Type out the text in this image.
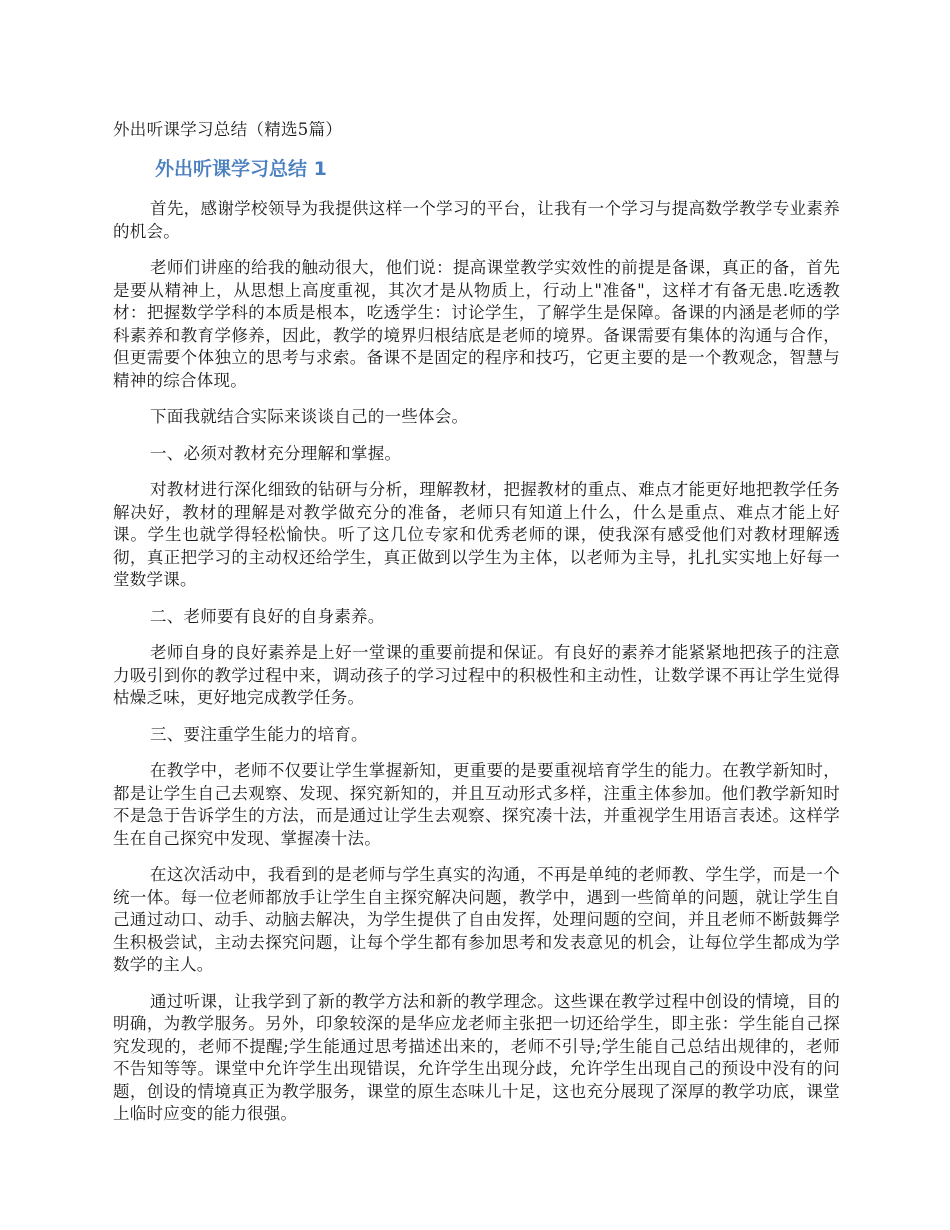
外出听课学习总结（精选5篇）
外出听课学习总结 1

首先，感谢学校领导为我提供这样一个学习的平台，让我有一个学习与提高数学教学专业素养的机会。

老师们讲座的给我的触动很大，他们说：提高课堂教学实效性的前提是备课，真正的备，首先是要从精神上，从思想上高度重视，其次才是从物质上，行动上"准备"，这样才有备无患.吃透教材：把握数学学科的本质是根本，吃透学生：讨论学生，了解学生是保障。备课的内涵是老师的学科素养和教育学修养，因此，教学的境界归根结底是老师的境界。备课需要有集体的沟通与合作，但更需要个体独立的思考与求索。备课不是固定的程序和技巧，它更主要的是一个教观念，智慧与精神的综合体现。

下面我就结合实际来谈谈自己的一些体会。

一、必须对教材充分理解和掌握。

对教材进行深化细致的钻研与分析，理解教材，把握教材的重点、难点才能更好地把教学任务解决好，教材的理解是对教学做充分的准备，老师只有知道上什么，什么是重点、难点才能上好课。学生也就学得轻松愉快。听了这几位专家和优秀老师的课，使我深有感受他们对教材理解透彻，真正把学习的主动权还给学生，真正做到以学生为主体，以老师为主导，扎扎实实地上好每一堂数学课。

二、老师要有良好的自身素养。

老师自身的良好素养是上好一堂课的重要前提和保证。有良好的素养才能紧紧地把孩子的注意力吸引到你的教学过程中来，调动孩子的学习过程中的积极性和主动性，让数学课不再让学生觉得枯燥乏味，更好地完成教学任务。

三、要注重学生能力的培育。

在教学中，老师不仅要让学生掌握新知，更重要的是要重视培育学生的能力。在教学新知时，都是让学生自己去观察、发现、探究新知的，并且互动形式多样，注重主体参加。他们教学新知时不是急于告诉学生的方法，而是通过让学生去观察、探究凑十法，并重视学生用语言表述。这样学生在自己探究中发现、掌握凑十法。

在这次活动中，我看到的是老师与学生真实的沟通，不再是单纯的老师教、学生学，而是一个统一体。每一位老师都放手让学生自主探究解决问题，教学中，遇到一些简单的问题，就让学生自己通过动口、动手、动脑去解决，为学生提供了自由发挥，处理问题的空间，并且老师不断鼓舞学生积极尝试，主动去探究问题，让每个学生都有参加思考和发表意见的机会，让每位学生都成为学数学的主人。

通过听课，让我学到了新的教学方法和新的教学理念。这些课在教学过程中创设的情境，目的明确，为教学服务。另外，印象较深的是华应龙老师主张把一切还给学生，即主张：学生能自己探究发现的，老师不提醒;学生能通过思考描述出来的，老师不引导;学生能自己总结出规律的，老师不告知等等。课堂中允许学生出现错误，允许学生出现分歧，允许学生出现自己的预设中没有的问题，创设的情境真正为教学服务，课堂的原生态味儿十足，这也充分展现了深厚的教学功底，课堂上临时应变的能力很强。
